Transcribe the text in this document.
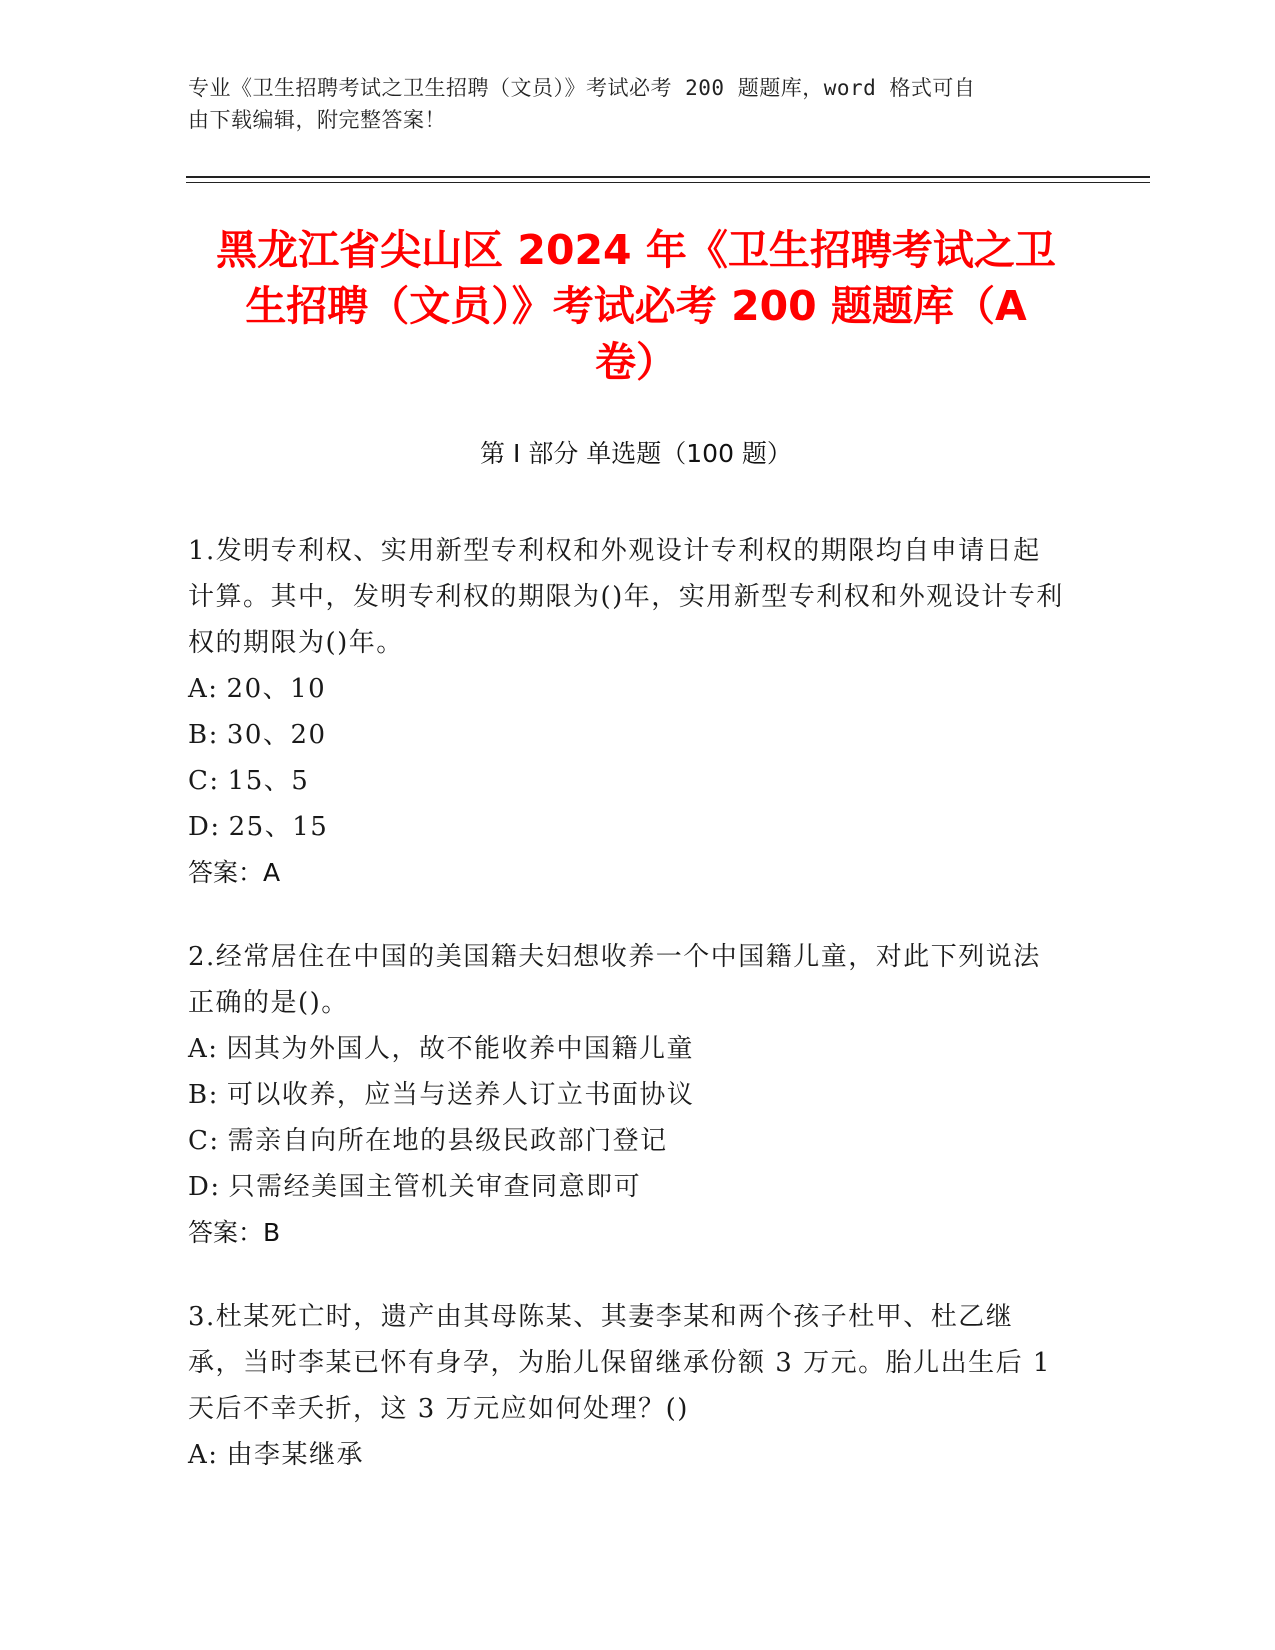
专业《卫生招聘考试之卫生招聘（文员）》考试必考 200 题题库，word 格式可自
由下载编辑，附完整答案！
黑龙江省尖山区 2024 年《卫生招聘考试之卫
生招聘（文员）》考试必考 200 题题库（A
卷）
第 I 部分 单选题（100 题）

1.发明专利权、实用新型专利权和外观设计专利权的期限均自申请日起计算。其中，发明专利权的期限为()年，实用新型专利权和外观设计专利权的期限为()年。

A: 20、10

B: 30、20

C: 15、5

D: 25、15

答案：A

2.经常居住在中国的美国籍夫妇想收养一个中国籍儿童，对此下列说法正确的是()。

A: 因其为外国人，故不能收养中国籍儿童

B: 可以收养，应当与送养人订立书面协议

C: 需亲自向所在地的县级民政部门登记

D: 只需经美国主管机关审查同意即可

答案：B

3.杜某死亡时，遗产由其母陈某、其妻李某和两个孩子杜甲、杜乙继承，当时李某已怀有身孕，为胎儿保留继承份额 3 万元。胎儿出生后 1 天后不幸夭折，这 3 万元应如何处理？()

A: 由李某继承
